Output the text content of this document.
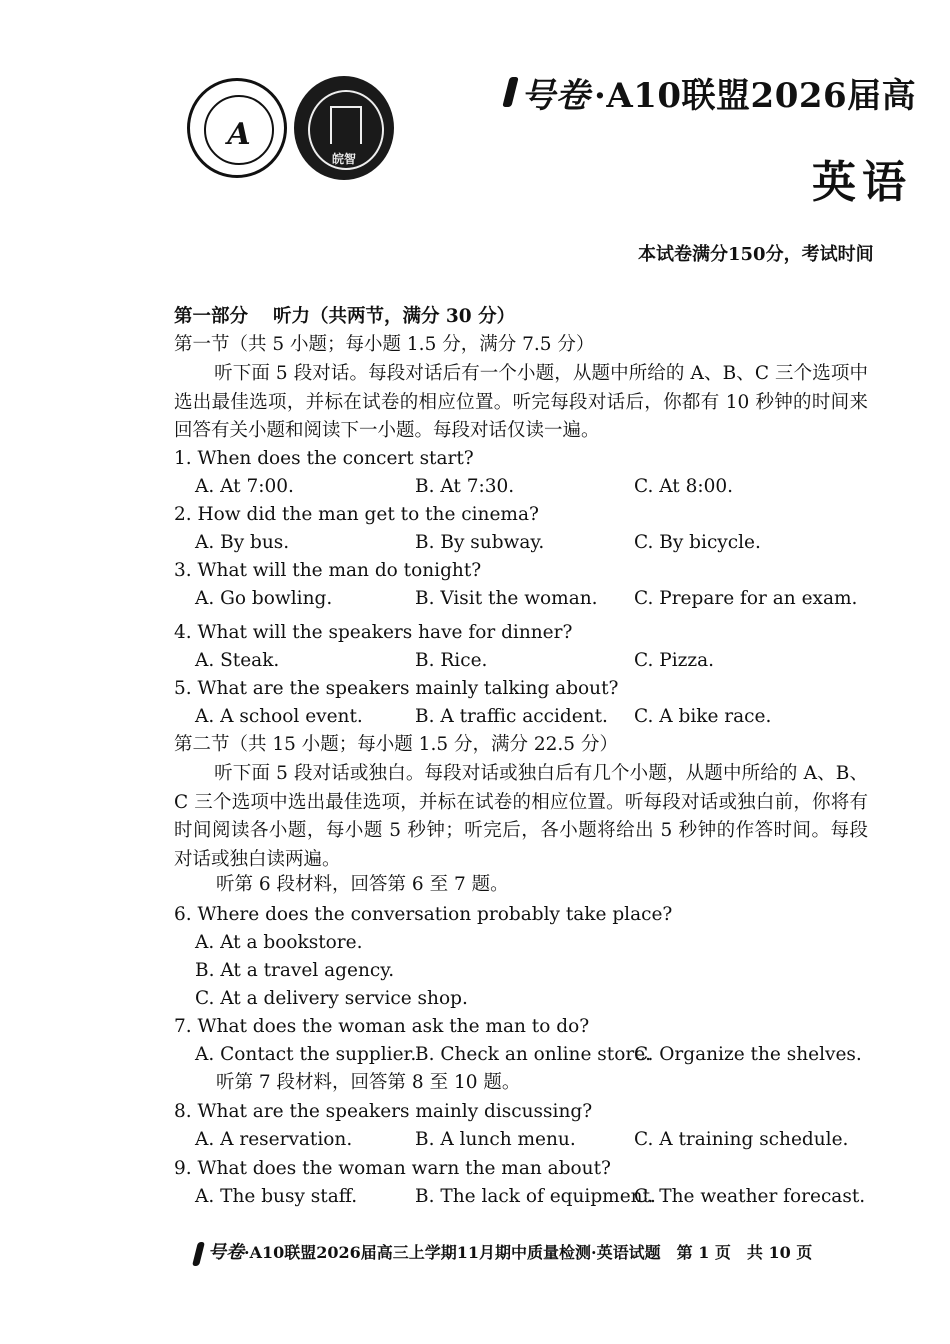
A
皖智
号卷 ·A10联盟2026届高
英语
本试卷满分150分，考试时间
第一部分　 听力（共两节，满分 30 分）
第一节（共 5 小题；每小题 1.5 分，满分 7.5 分）
听下面 5 段对话。每段对话后有一个小题，从题中所给的 A、B、C 三个选项中选出最佳选项，并标在试卷的相应位置。听完每段对话后，你都有 10 秒钟的时间来回答有关小题和阅读下一小题。每段对话仅读一遍。
1. When does the concert start?
A. At 7:00.	B. At 7:30.	C. At 8:00.
2. How did the man get to the cinema?
A. By bus.	B. By subway.	C. By bicycle.
3. What will the man do tonight?
A. Go bowling.	B. Visit the woman. C. Prepare for an exam.
4. What will the speakers have for dinner?
A. Steak.	B. Rice.	C. Pizza.
5. What are the speakers mainly talking about?
A. A school event.	B. A traffic accident. C. A bike race.
第二节（共 15 小题；每小题 1.5 分，满分 22.5 分）
听下面 5 段对话或独白。每段对话或独白后有几个小题，从题中所给的 A、B、C 三个选项中选出最佳选项，并标在试卷的相应位置。听每段对话或独白前，你将有时间阅读各小题，每小题 5 秒钟；听完后，各小题将给出 5 秒钟的作答时间。每段对话或独白读两遍。
听第 6 段材料，回答第 6 至 7 题。
6. Where does the conversation probably take place?
A. At a bookstore.
B. At a travel agency.
C. At a delivery service shop.
7. What does the woman ask the man to do?
A. Contact the supplier.
B. Check an online store.
C. Organize the shelves.
听第 7 段材料，回答第 8 至 10 题。
8. What are the speakers mainly discussing?
A. A reservation.	B. A lunch menu.	C. A training schedule.
9. What does the woman warn the man about?
A. The busy staff.	B. The lack of equipment.
C. The weather forecast.
号卷·A10联盟2026届高三上学期11月期中质量检测·英语试题　第 1 页　共 10 页
